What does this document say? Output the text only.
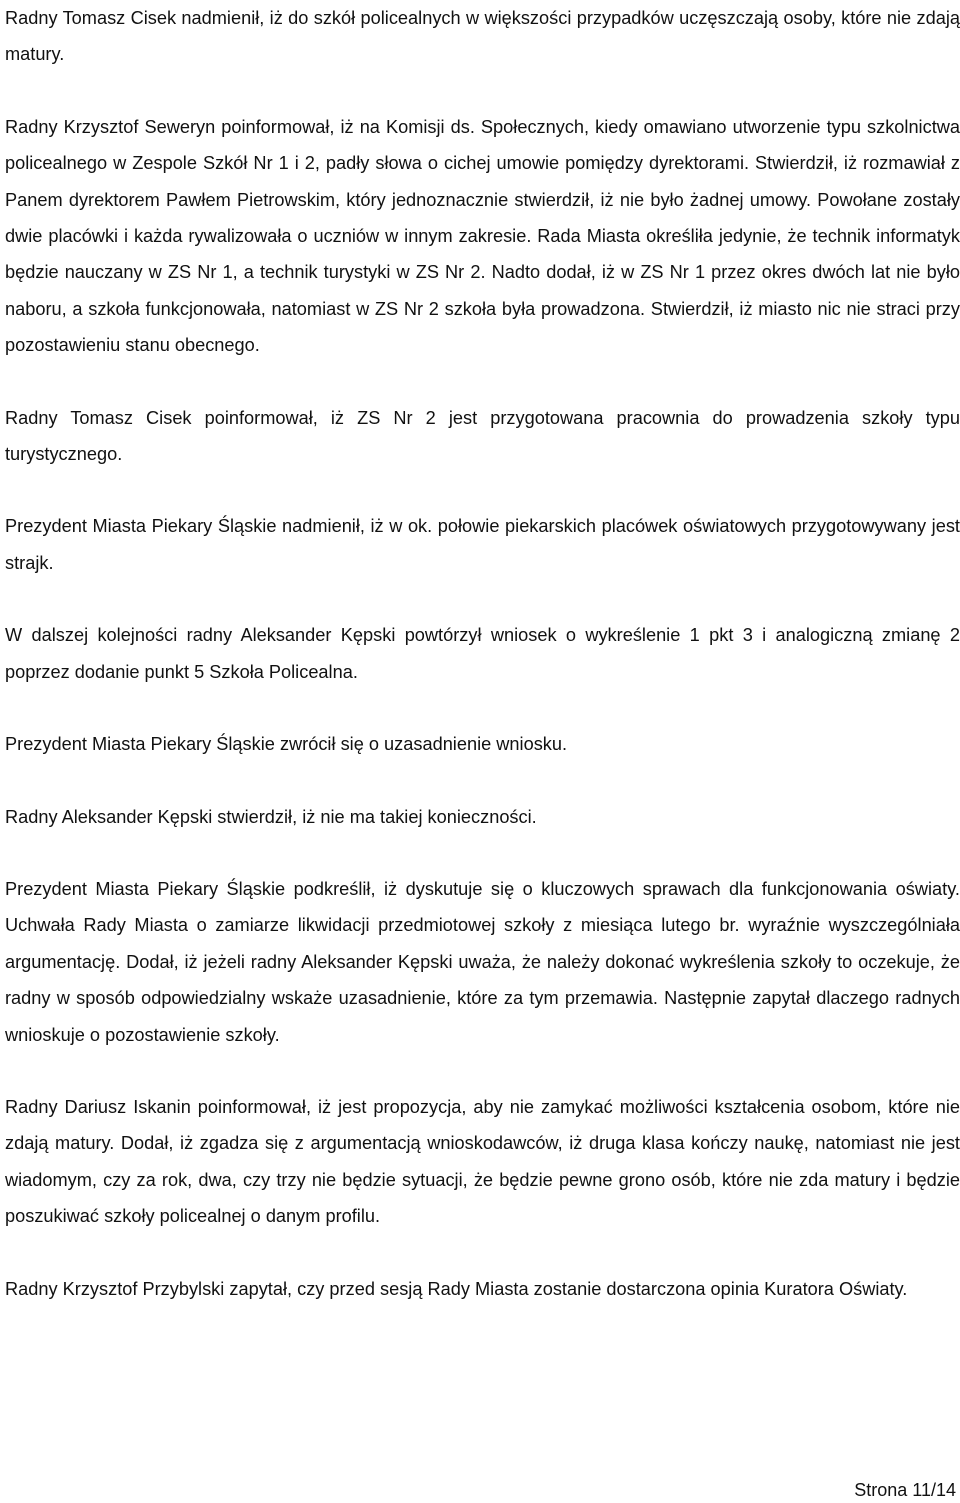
Radny Tomasz Cisek nadmienił, iż do szkół policealnych w większości przypadków uczęszczają osoby, które nie zdają matury.

Radny Krzysztof Seweryn poinformował, iż na Komisji ds. Społecznych, kiedy omawiano utworzenie typu szkolnictwa policealnego w Zespole Szkół Nr 1 i 2, padły słowa o cichej umowie pomiędzy dyrektorami. Stwierdził, iż rozmawiał z Panem dyrektorem Pawłem Pietrowskim, który jednoznacznie stwierdził, iż nie było żadnej umowy. Powołane zostały dwie placówki i każda rywalizowała o uczniów w innym zakresie. Rada Miasta określiła jedynie, że technik informatyk będzie nauczany w ZS Nr 1, a technik turystyki w ZS Nr 2. Nadto dodał, iż w ZS Nr 1 przez okres dwóch lat nie było naboru, a szkoła funkcjonowała, natomiast w ZS Nr 2 szkoła była prowadzona. Stwierdził, iż miasto nic nie straci przy pozostawieniu stanu obecnego.

Radny Tomasz Cisek poinformował, iż ZS Nr 2 jest przygotowana pracownia do prowadzenia szkoły typu turystycznego.

Prezydent Miasta Piekary Śląskie nadmienił, iż w ok. połowie piekarskich placówek oświatowych przygotowywany jest strajk.

W dalszej kolejności radny Aleksander Kępski powtórzył wniosek o wykreślenie 1 pkt 3 i analogiczną zmianę 2 poprzez dodanie punkt 5 Szkoła Policealna.

Prezydent Miasta Piekary Śląskie zwrócił się o uzasadnienie wniosku.

Radny Aleksander Kępski stwierdził, iż nie ma takiej konieczności.

Prezydent Miasta Piekary Śląskie podkreślił, iż dyskutuje się o kluczowych sprawach dla funkcjonowania oświaty. Uchwała Rady Miasta o zamiarze likwidacji przedmiotowej szkoły z miesiąca lutego br. wyraźnie wyszczególniała argumentację. Dodał, iż jeżeli radny Aleksander Kępski uważa, że należy dokonać wykreślenia szkoły to oczekuje, że radny w sposób odpowiedzialny wskaże uzasadnienie, które za tym przemawia. Następnie zapytał dlaczego radnych wnioskuje o pozostawienie szkoły.

Radny Dariusz Iskanin poinformował, iż jest propozycja, aby nie zamykać możliwości kształcenia osobom, które nie zdają matury. Dodał, iż zgadza się z argumentacją wnioskodawców, iż druga klasa kończy naukę, natomiast nie jest wiadomym, czy za rok, dwa, czy trzy nie będzie sytuacji, że będzie pewne grono osób, które nie zda matury i będzie poszukiwać szkoły policealnej o danym profilu.

Radny Krzysztof Przybylski zapytał, czy przed sesją Rady Miasta zostanie dostarczona opinia Kuratora Oświaty.

Strona 11/14
